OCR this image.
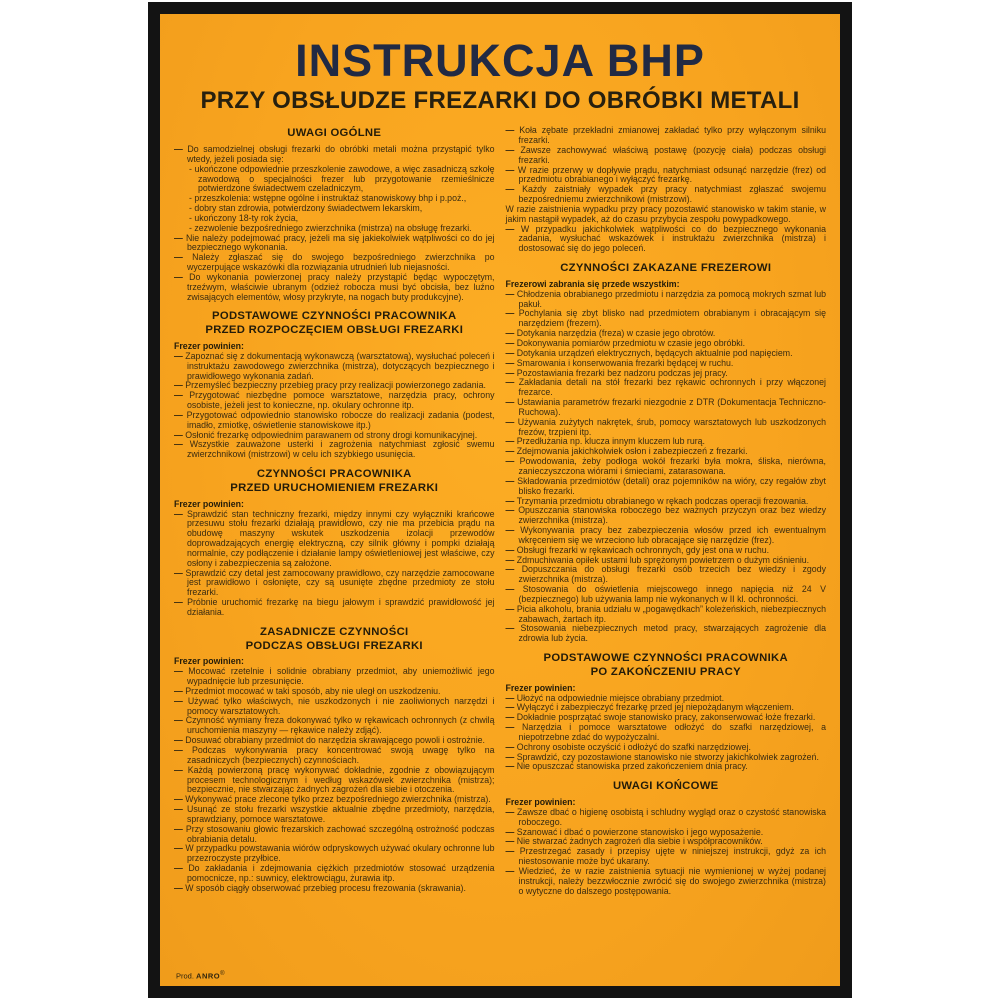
INSTRUKCJA BHP
PRZY OBSŁUDZE FREZARKI DO OBRÓBKI METALI
UWAGI OGÓLNE
— Do samodzielnej obsługi frezarki do obróbki metali można przystąpić tylko wtedy, jeżeli posiada się:
- ukończone odpowiednie przeszkolenie zawodowe, a więc zasadniczą szkołę zawodową o specjalności frezer lub przygotowanie rzemieślnicze potwierdzone świadectwem czeladniczym,
- przeszkolenia: wstępne ogólne i instruktaż stanowiskowy bhp i p.poż.,
- dobry stan zdrowia, potwierdzony świadectwem lekarskim,
- ukończony 18-ty rok życia,
- zezwolenie bezpośredniego zwierzchnika (mistrza) na obsługę frezarki.
— Nie należy podejmować pracy, jeżeli ma się jakiekolwiek wątpliwości co do jej bezpiecznego wykonania.
— Należy zgłaszać się do swojego bezpośredniego zwierzchnika po wyczerpujące wskazówki dla rozwiązania utrudnień lub niejasności.
— Do wykonania powierzonej pracy należy przystąpić będąc wypoczętym, trzeźwym, właściwie ubranym (odzież robocza musi być obcisła, bez luźno zwisających elementów, włosy przykryte, na nogach buty produkcyjne).
PODSTAWOWE CZYNNOŚCI PRACOWNIKA
PRZED ROZPOCZĘCIEM OBSŁUGI FREZARKI
Frezer powinien:
— Zapoznać się z dokumentacją wykonawczą (warsztatową), wysłuchać poleceń i instruktażu zawodowego zwierzchnika (mistrza), dotyczących bezpiecznego i prawidłowego wykonania zadań.
— Przemyśleć bezpieczny przebieg pracy przy realizacji powierzonego zadania.
— Przygotować niezbędne pomoce warsztatowe, narzędzia pracy, ochrony osobiste, jeżeli jest to konieczne, np. okulary ochronne itp.
— Przygotować odpowiednio stanowisko robocze do realizacji zadania (podest, imadło, zmiotkę, oświetlenie stanowiskowe itp.)
— Osłonić frezarkę odpowiednim parawanem od strony drogi komunikacyjnej.
— Wszystkie zauważone usterki i zagrożenia natychmiast zgłosić swemu zwierzchnikowi (mistrzowi) w celu ich szybkiego usunięcia.
CZYNNOŚCI PRACOWNIKA
PRZED URUCHOMIENIEM FREZARKI
Frezer powinien:
— Sprawdzić stan techniczny frezarki, między innymi czy wyłączniki krańcowe przesuwu stołu frezarki działają prawidłowo, czy nie ma przebicia prądu na obudowę maszyny wskutek uszkodzenia izolacji przewodów doprowadzających energię elektryczną, czy silnik główny i pompki działają normalnie, czy podłączenie i działanie lampy oświetleniowej jest właściwe, czy osłony i zabezpieczenia są założone.
— Sprawdzić czy detal jest zamocowany prawidłowo, czy narzędzie zamocowane jest prawidłowo i osłonięte, czy są usunięte zbędne przedmioty ze stołu frezarki.
— Próbnie uruchomić frezarkę na biegu jałowym i sprawdzić prawidłowość jej działania.
ZASADNICZE CZYNNOŚCI
PODCZAS OBSŁUGI FREZARKI
Frezer powinien:
— Mocować rzetelnie i solidnie obrabiany przedmiot, aby uniemożliwić jego wypadnięcie lub przesunięcie.
— Przedmiot mocować w taki sposób, aby nie uległ on uszkodzeniu.
— Używać tylko właściwych, nie uszkodzonych i nie zaoliwionych narzędzi i pomocy warsztatowych.
— Czynność wymiany freza dokonywać tylko w rękawicach ochronnych (z chwilą uruchomienia maszyny — rękawice należy zdjąć).
— Dosuwać obrabiany przedmiot do narzędzia skrawającego powoli i ostrożnie.
— Podczas wykonywania pracy koncentrować swoją uwagę tylko na zasadniczych (bezpiecznych) czynnościach.
— Każdą powierzoną pracę wykonywać dokładnie, zgodnie z obowiązującym procesem technologicznym i według wskazówek zwierzchnika (mistrza); bezpiecznie, nie stwarzając żadnych zagrożeń dla siebie i otoczenia.
— Wykonywać prace zlecone tylko przez bezpośredniego zwierzchnika (mistrza).
— Usunąć ze stołu frezarki wszystkie aktualnie zbędne przedmioty, narzędzia, sprawdziany, pomoce warsztatowe.
— Przy stosowaniu głowic frezarskich zachować szczególną ostrożność podczas obrabiania detalu.
— W przypadku powstawania wiórów odpryskowych używać okulary ochronne lub przezroczyste przyłbice.
— Do zakładania i zdejmowania ciężkich przedmiotów stosować urządzenia pomocnicze, np.: suwnicy, elektrowciągu, żurawia itp.
— W sposób ciągły obserwować przebieg procesu frezowania (skrawania).
— Koła zębate przekładni zmianowej zakładać tylko przy wyłączonym silniku frezarki.
— Zawsze zachowywać właściwą postawę (pozycję ciała) podczas obsługi frezarki.
— W razie przerwy w dopływie prądu, natychmiast odsunąć narzędzie (frez) od przedmiotu obrabianego i wyłączyć frezarkę.
— Każdy zaistniały wypadek przy pracy natychmiast zgłaszać swojemu bezpośredniemu zwierzchnikowi (mistrzowi).
W razie zaistnienia wypadku przy pracy pozostawić stanowisko w takim stanie, w jakim nastąpił wypadek, aż do czasu przybycia zespołu powypadkowego.
— W przypadku jakichkolwiek wątpliwości co do bezpiecznego wykonania zadania, wysłuchać wskazówek i instruktażu zwierzchnika (mistrza) i dostosować się do jego poleceń.
CZYNNOŚCI ZAKAZANE FREZEROWI
Frezerowi zabrania się przede wszystkim:
— Chłodzenia obrabianego przedmiotu i narzędzia za pomocą mokrych szmat lub pakuł.
— Pochylania się zbyt blisko nad przedmiotem obrabianym i obracającym się narzędziem (frezem).
— Dotykania narzędzia (freza) w czasie jego obrotów.
— Dokonywania pomiarów przedmiotu w czasie jego obróbki.
— Dotykania urządzeń elektrycznych, będących aktualnie pod napięciem.
— Smarowania i konserwowania frezarki będącej w ruchu.
— Pozostawiania frezarki bez nadzoru podczas jej pracy.
— Zakładania detali na stół frezarki bez rękawic ochronnych i przy włączonej frezarce.
— Ustawiania parametrów frezarki niezgodnie z DTR (Dokumentacja Techniczno-Ruchowa).
— Używania zużytych nakrętek, śrub, pomocy warsztatowych lub uszkodzonych frezów, trzpieni itp.
— Przedłużania np. klucza innym kluczem lub rurą.
— Zdejmowania jakichkolwiek osłon i zabezpieczeń z frezarki.
— Powodowania, żeby podłoga wokół frezarki była mokra, śliska, nierówna, zanieczyszczona wiórami i śmieciami, zatarasowana.
— Składowania przedmiotów (detali) oraz pojemników na wióry, czy regałów zbyt blisko frezarki.
— Trzymania przedmiotu obrabianego w rękach podczas operacji frezowania.
— Opuszczania stanowiska roboczego bez ważnych przyczyn oraz bez wiedzy zwierzchnika (mistrza).
— Wykonywania pracy bez zabezpieczenia włosów przed ich ewentualnym wkręceniem się we wrzeciono lub obracające się narzędzie (frez).
— Obsługi frezarki w rękawicach ochronnych, gdy jest ona w ruchu.
— Zdmuchiwania opiłek ustami lub sprężonym powietrzem o dużym ciśnieniu.
— Dopuszczania do obsługi frezarki osób trzecich bez wiedzy i zgody zwierzchnika (mistrza).
— Stosowania do oświetlenia miejscowego innego napięcia niż 24 V (bezpiecznego) lub używania lamp nie wykonanych w II kl. ochronności.
— Picia alkoholu, brania udziału w „pogawędkach” koleżeńskich, niebezpiecznych zabawach, żartach itp.
— Stosowania niebezpiecznych metod pracy, stwarzających zagrożenie dla zdrowia lub życia.
PODSTAWOWE CZYNNOŚCI PRACOWNIKA
PO ZAKOŃCZENIU PRACY
Frezer powinien:
— Ułożyć na odpowiednie miejsce obrabiany przedmiot.
— Wyłączyć i zabezpieczyć frezarkę przed jej niepożądanym włączeniem.
— Dokładnie posprzątać swoje stanowisko pracy, zakonserwować łoże frezarki.
— Narzędzia i pomoce warsztatowe odłożyć do szafki narzędziowej, a niepotrzebne zdać do wypożyczalni.
— Ochrony osobiste oczyścić i odłożyć do szafki narzędziowej.
— Sprawdzić, czy pozostawione stanowisko nie stworzy jakichkolwiek zagrożeń.
— Nie opuszczać stanowiska przed zakończeniem dnia pracy.
UWAGI KOŃCOWE
Frezer powinien:
— Zawsze dbać o higienę osobistą i schludny wygląd oraz o czystość stanowiska roboczego.
— Szanować i dbać o powierzone stanowisko i jego wyposażenie.
— Nie stwarzać żadnych zagrożeń dla siebie i współpracowników.
— Przestrzegać zasady i przepisy ujęte w niniejszej instrukcji, gdyż za ich niestosowanie może być ukarany.
— Wiedzieć, że w razie zaistnienia sytuacji nie wymienionej w wyżej podanej instrukcji, należy bezzwłocznie zwrócić się do swojego zwierzchnika (mistrza) o wytyczne do dalszego postępowania.
Prod. ANRO®
